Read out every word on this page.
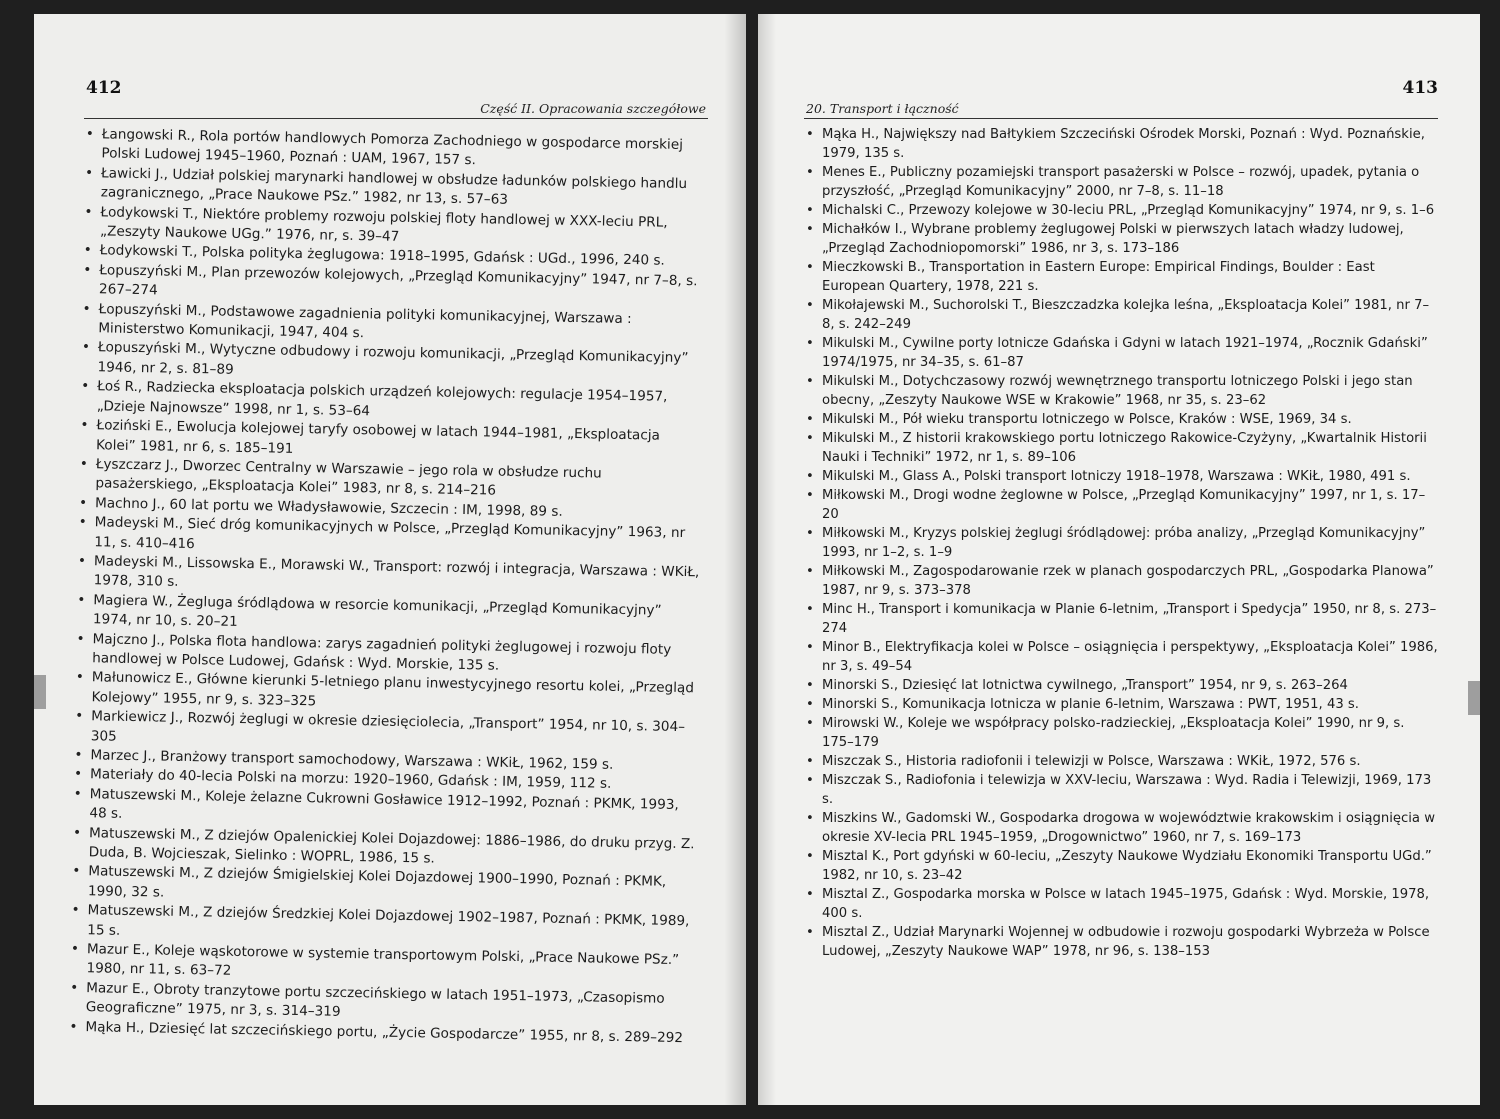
412
Część II. Opracowania szczegółowe
• Łangowski R., Rola portów handlowych Pomorza Zachodniego w gospodarce morskiej Polski Ludowej 1945–1960, Poznań : UAM, 1967, 157 s.
• Ławicki J., Udział polskiej marynarki handlowej w obsłudze ładunków polskiego handlu zagranicznego, „Prace Naukowe PSz.” 1982, nr 13, s. 57–63
• Łodykowski T., Niektóre problemy rozwoju polskiej floty handlowej w XXX-leciu PRL, „Zeszyty Naukowe UGg.” 1976, nr, s. 39–47
• Łodykowski T., Polska polityka żeglugowa: 1918–1995, Gdańsk : UGd., 1996, 240 s.
• Łopuszyński M., Plan przewozów kolejowych, „Przegląd Komunikacyjny” 1947, nr 7–8, s. 267–274
• Łopuszyński M., Podstawowe zagadnienia polityki komunikacyjnej, Warszawa : Ministerstwo Komunikacji, 1947, 404 s.
• Łopuszyński M., Wytyczne odbudowy i rozwoju komunikacji, „Przegląd Komunikacyjny” 1946, nr 2, s. 81–89
• Łoś R., Radziecka eksploatacja polskich urządzeń kolejowych: regulacje 1954–1957, „Dzieje Najnowsze” 1998, nr 1, s. 53–64
• Łoziński E., Ewolucja kolejowej taryfy osobowej w latach 1944–1981, „Eksploatacja Kolei” 1981, nr 6, s. 185–191
• Łyszczarz J., Dworzec Centralny w Warszawie – jego rola w obsłudze ruchu pasażerskiego, „Eksploatacja Kolei” 1983, nr 8, s. 214–216
• Machno J., 60 lat portu we Władysławowie, Szczecin : IM, 1998, 89 s.
• Madeyski M., Sieć dróg komunikacyjnych w Polsce, „Przegląd Komunikacyjny” 1963, nr 11, s. 410–416
• Madeyski M., Lissowska E., Morawski W., Transport: rozwój i integracja, Warszawa : WKiŁ, 1978, 310 s.
• Magiera W., Żegluga śródlądowa w resorcie komunikacji, „Przegląd Komunikacyjny” 1974, nr 10, s. 20–21
• Majczno J., Polska flota handlowa: zarys zagadnień polityki żeglugowej i rozwoju floty handlowej w Polsce Ludowej, Gdańsk : Wyd. Morskie, 135 s.
• Małunowicz E., Główne kierunki 5-letniego planu inwestycyjnego resortu kolei, „Przegląd Kolejowy” 1955, nr 9, s. 323–325
• Markiewicz J., Rozwój żeglugi w okresie dziesięciolecia, „Transport” 1954, nr 10, s. 304–305
• Marzec J., Branżowy transport samochodowy, Warszawa : WKiŁ, 1962, 159 s.
• Materiały do 40-lecia Polski na morzu: 1920–1960, Gdańsk : IM, 1959, 112 s.
• Matuszewski M., Koleje żelazne Cukrowni Gosławice 1912–1992, Poznań : PKMK, 1993, 48 s.
• Matuszewski M., Z dziejów Opalenickiej Kolei Dojazdowej: 1886–1986, do druku przyg. Z. Duda, B. Wojcieszak, Sielinko : WOPRL, 1986, 15 s.
• Matuszewski M., Z dziejów Śmigielskiej Kolei Dojazdowej 1900–1990, Poznań : PKMK, 1990, 32 s.
• Matuszewski M., Z dziejów Średzkiej Kolei Dojazdowej 1902–1987, Poznań : PKMK, 1989, 15 s.
• Mazur E., Koleje wąskotorowe w systemie transportowym Polski, „Prace Naukowe PSz.” 1980, nr 11, s. 63–72
• Mazur E., Obroty tranzytowe portu szczecińskiego w latach 1951–1973, „Czasopismo Geograficzne” 1975, nr 3, s. 314–319
• Mąka H., Dziesięć lat szczecińskiego portu, „Życie Gospodarcze” 1955, nr 8, s. 289–292
20. Transport i łączność
413
• Mąka H., Największy nad Bałtykiem Szczeciński Ośrodek Morski, Poznań : Wyd. Poznańskie, 1979, 135 s.
• Menes E., Publiczny pozamiejski transport pasażerski w Polsce – rozwój, upadek, pytania o przyszłość, „Przegląd Komunikacyjny” 2000, nr 7–8, s. 11–18
• Michalski C., Przewozy kolejowe w 30-leciu PRL, „Przegląd Komunikacyjny” 1974, nr 9, s. 1–6
• Michałków I., Wybrane problemy żeglugowej Polski w pierwszych latach władzy ludowej, „Przegląd Zachodniopomorski” 1986, nr 3, s. 173–186
• Mieczkowski B., Transportation in Eastern Europe: Empirical Findings, Boulder : East European Quartery, 1978, 221 s.
• Mikołajewski M., Suchorolski T., Bieszczadzka kolejka leśna, „Eksploatacja Kolei” 1981, nr 7–8, s. 242–249
• Mikulski M., Cywilne porty lotnicze Gdańska i Gdyni w latach 1921–1974, „Rocznik Gdański” 1974/1975, nr 34–35, s. 61–87
• Mikulski M., Dotychczasowy rozwój wewnętrznego transportu lotniczego Polski i jego stan obecny, „Zeszyty Naukowe WSE w Krakowie” 1968, nr 35, s. 23–62
• Mikulski M., Pół wieku transportu lotniczego w Polsce, Kraków : WSE, 1969, 34 s.
• Mikulski M., Z historii krakowskiego portu lotniczego Rakowice-Czyżyny, „Kwartalnik Historii Nauki i Techniki” 1972, nr 1, s. 89–106
• Mikulski M., Glass A., Polski transport lotniczy 1918–1978, Warszawa : WKiŁ, 1980, 491 s.
• Miłkowski M., Drogi wodne żeglowne w Polsce, „Przegląd Komunikacyjny” 1997, nr 1, s. 17–20
• Miłkowski M., Kryzys polskiej żeglugi śródlądowej: próba analizy, „Przegląd Komunikacyjny” 1993, nr 1–2, s. 1–9
• Miłkowski M., Zagospodarowanie rzek w planach gospodarczych PRL, „Gospodarka Planowa” 1987, nr 9, s. 373–378
• Minc H., Transport i komunikacja w Planie 6-letnim, „Transport i Spedycja” 1950, nr 8, s. 273–274
• Minor B., Elektryfikacja kolei w Polsce – osiągnięcia i perspektywy, „Eksploatacja Kolei” 1986, nr 3, s. 49–54
• Minorski S., Dziesięć lat lotnictwa cywilnego, „Transport” 1954, nr 9, s. 263–264
• Minorski S., Komunikacja lotnicza w planie 6-letnim, Warszawa : PWT, 1951, 43 s.
• Mirowski W., Koleje we współpracy polsko-radzieckiej, „Eksploatacja Kolei” 1990, nr 9, s. 175–179
• Miszczak S., Historia radiofonii i telewizji w Polsce, Warszawa : WKiŁ, 1972, 576 s.
• Miszczak S., Radiofonia i telewizja w XXV-leciu, Warszawa : Wyd. Radia i Telewizji, 1969, 173 s.
• Miszkins W., Gadomski W., Gospodarka drogowa w województwie krakowskim i osiągnięcia w okresie XV-lecia PRL 1945–1959, „Drogownictwo” 1960, nr 7, s. 169–173
• Misztal K., Port gdyński w 60-leciu, „Zeszyty Naukowe Wydziału Ekonomiki Transportu UGd.” 1982, nr 10, s. 23–42
• Misztal Z., Gospodarka morska w Polsce w latach 1945–1975, Gdańsk : Wyd. Morskie, 1978, 400 s.
• Misztal Z., Udział Marynarki Wojennej w odbudowie i rozwoju gospodarki Wybrzeża w Polsce Ludowej, „Zeszyty Naukowe WAP” 1978, nr 96, s. 138–153
